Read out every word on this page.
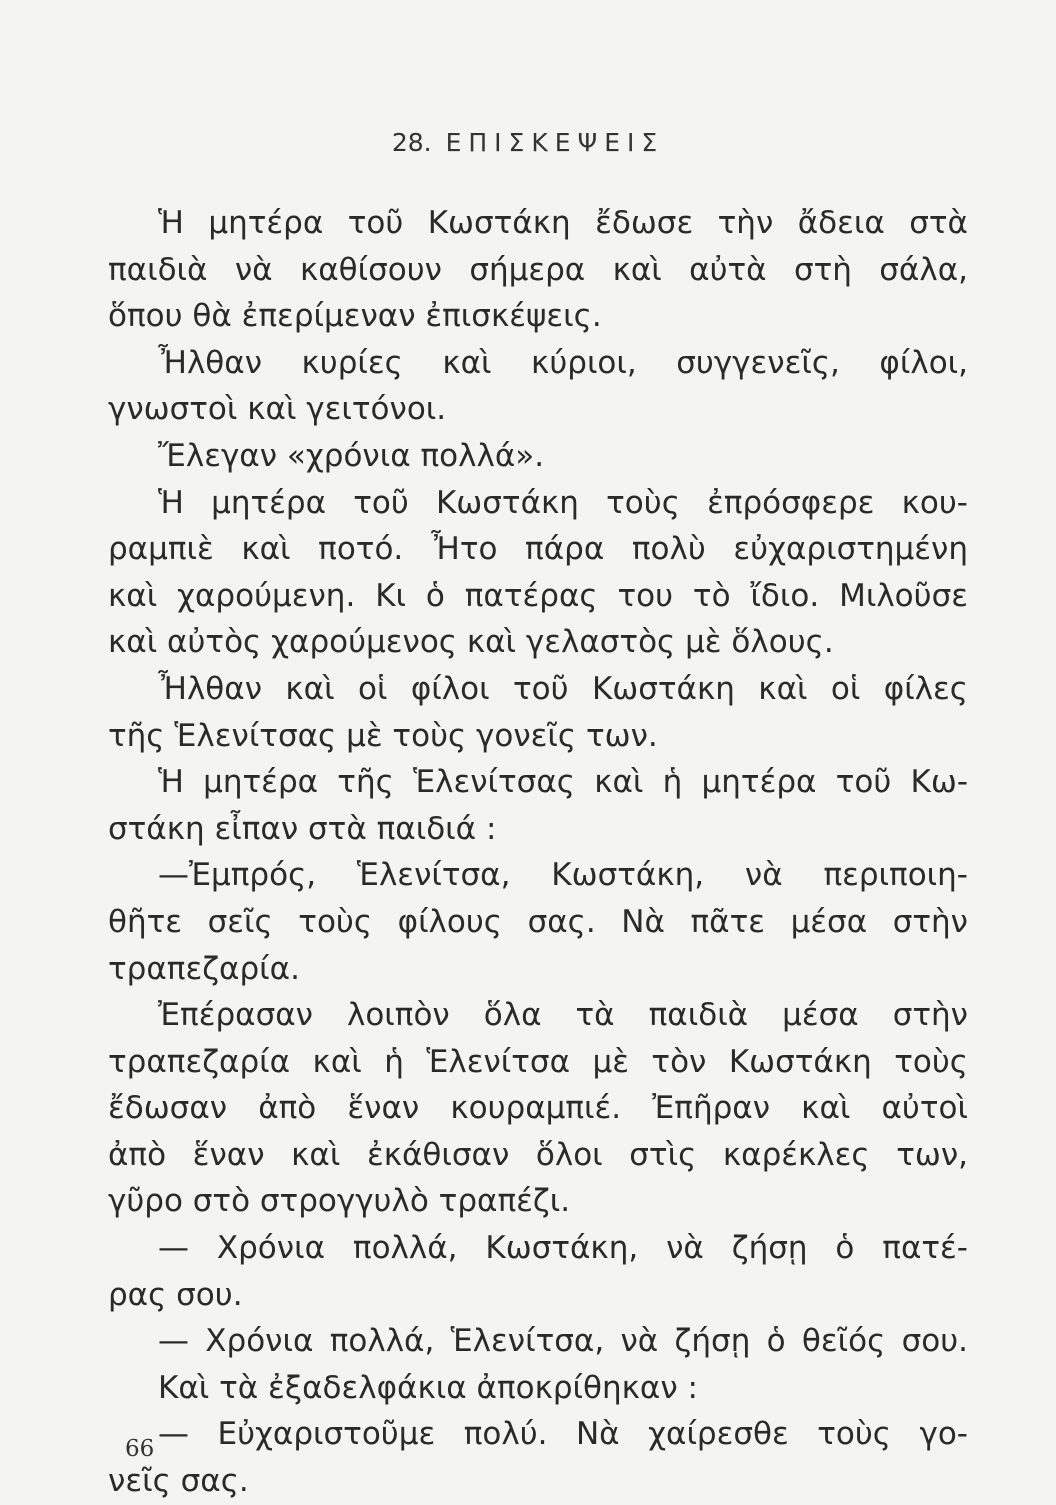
28. ΕΠΙΣΚΕΨΕΙΣ
Ἡ μητέρα τοῦ Κωστάκη ἔδωσε τὴν ἄδεια στὰ
παιδιὰ νὰ καθίσουν σήμερα καὶ αὐτὰ στὴ σάλα,
ὅπου θὰ ἐπερίμεναν ἐπισκέψεις.
Ἦλθαν κυρίες καὶ κύριοι, συγγενεῖς, φίλοι,
γνωστοὶ καὶ γειτόνοι.
Ἔλεγαν «χρόνια πολλά».
Ἡ μητέρα τοῦ Κωστάκη τοὺς ἐπρόσφερε κου-
ραμπιὲ καὶ ποτό. Ἦτο πάρα πολὺ εὐχαριστημένη
καὶ χαρούμενη. Κι ὁ πατέρας του τὸ ἴδιο. Μιλοῦσε
καὶ αὐτὸς χαρούμενος καὶ γελαστὸς μὲ ὅλους.
Ἦλθαν καὶ οἱ φίλοι τοῦ Κωστάκη καὶ οἱ φίλες
τῆς Ἑλενίτσας μὲ τοὺς γονεῖς των.
Ἡ μητέρα τῆς Ἑλενίτσας καὶ ἡ μητέρα τοῦ Κω-
στάκη εἶπαν στὰ παιδιά :
—Ἐμπρός, Ἑλενίτσα, Κωστάκη, νὰ περιποιη-
θῆτε σεῖς τοὺς φίλους σας. Νὰ πᾶτε μέσα στὴν
τραπεζαρία.
Ἐπέρασαν λοιπὸν ὅλα τὰ παιδιὰ μέσα στὴν
τραπεζαρία καὶ ἡ Ἑλενίτσα μὲ τὸν Κωστάκη τοὺς
ἔδωσαν ἀπὸ ἕναν κουραμπιέ. Ἐπῆραν καὶ αὐτοὶ
ἀπὸ ἕναν καὶ ἐκάθισαν ὅλοι στὶς καρέκλες των,
γῦρο στὸ στρογγυλὸ τραπέζι.
— Χρόνια πολλά, Κωστάκη, νὰ ζήσῃ ὁ πατέ-
ρας σου.
— Χρόνια πολλά, Ἑλενίτσα, νὰ ζήσῃ ὁ θεῖός σου.
Καὶ τὰ ἐξαδελφάκια ἀποκρίθηκαν :
— Εὐχαριστοῦμε πολύ. Νὰ χαίρεσθε τοὺς γο-
νεῖς σας.
66
